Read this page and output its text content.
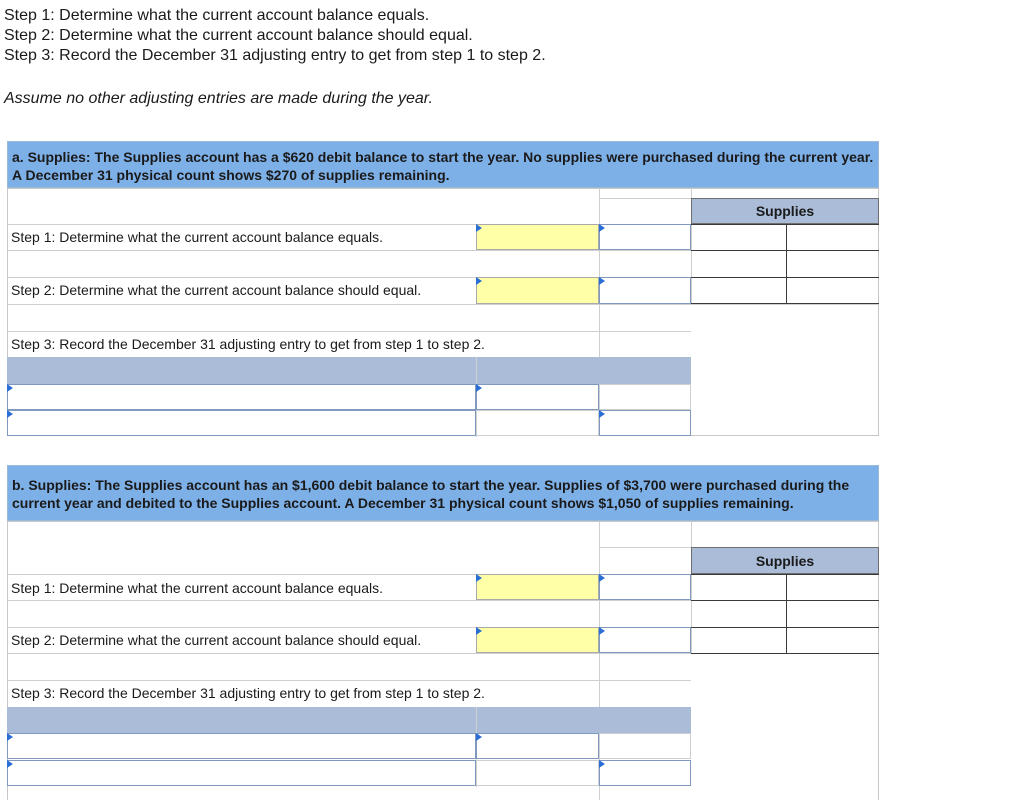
Step 1: Determine what the current account balance equals.
Step 2: Determine what the current account balance should equal.
Step 3: Record the December 31 adjusting entry to get from step 1 to step 2.
Assume no other adjusting entries are made during the year.
a. Supplies: The Supplies account has a $620 debit balance to start the year. No supplies were purchased during the current year. A December 31 physical count shows $270 of supplies remaining.
Step 1: Determine what the current account balance equals.
Step 2: Determine what the current account balance should equal.
Step 3: Record the December 31 adjusting entry to get from step 1 to step 2.
Supplies
b. Supplies: The Supplies account has an $1,600 debit balance to start the year. Supplies of $3,700 were purchased during the current year and debited to the Supplies account. A December 31 physical count shows $1,050 of supplies remaining.
Step 1: Determine what the current account balance equals.
Step 2: Determine what the current account balance should equal.
Step 3: Record the December 31 adjusting entry to get from step 1 to step 2.
Supplies
